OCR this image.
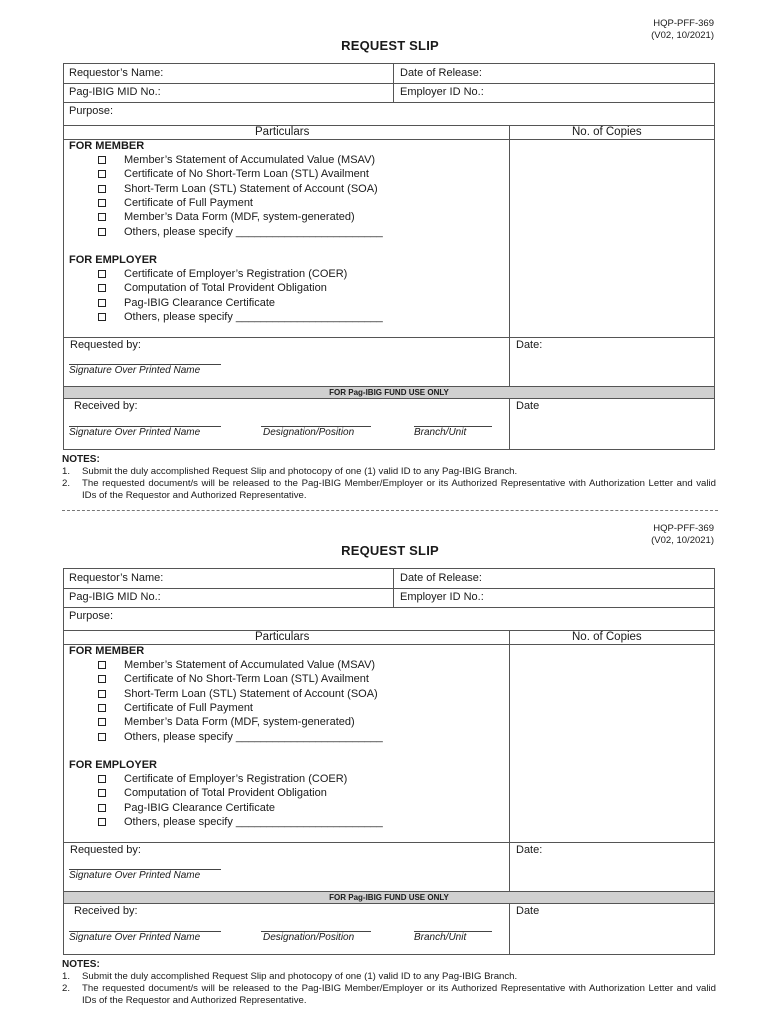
HQP-PFF-369
(V02, 10/2021)
REQUEST SLIP
Requestor’s Name:	Date of Release:
Pag-IBIG MID No.:	Employer ID No.:
Purpose:
Particulars	No. of Copies
FOR MEMBER
Member’s Statement of Accumulated Value (MSAV)
Certificate of No Short-Term Loan (STL) Availment
Short-Term Loan (STL) Statement of Account (SOA)
Certificate of Full Payment
Member’s Data Form (MDF, system-generated)
Others, please specify ________________________
FOR EMPLOYER
Certificate of Employer’s Registration (COER)
Computation of Total Provident Obligation
Pag-IBIG Clearance Certificate
Others, please specify ________________________
Requested by:
Signature Over Printed Name
Date:
FOR Pag-IBIG FUND USE ONLY
Received by:
Signature Over Printed Name	Designation/Position	Branch/Unit
Date
NOTES:
1.	Submit the duly accomplished Request Slip and photocopy of one (1) valid ID to any Pag-IBIG Branch.
2.	The requested document/s will be released to the Pag-IBIG Member/Employer or its Authorized Representative with Authorization Letter and valid IDs of the Requestor and Authorized Representative.
HQP-PFF-369
(V02, 10/2021)
REQUEST SLIP
Requestor’s Name:	Date of Release:
Pag-IBIG MID No.:	Employer ID No.:
Purpose:
Particulars	No. of Copies
FOR MEMBER
Member’s Statement of Accumulated Value (MSAV)
Certificate of No Short-Term Loan (STL) Availment
Short-Term Loan (STL) Statement of Account (SOA)
Certificate of Full Payment
Member’s Data Form (MDF, system-generated)
Others, please specify ________________________
FOR EMPLOYER
Certificate of Employer’s Registration (COER)
Computation of Total Provident Obligation
Pag-IBIG Clearance Certificate
Others, please specify ________________________
Requested by:
Signature Over Printed Name
Date:
FOR Pag-IBIG FUND USE ONLY
Received by:
Signature Over Printed Name	Designation/Position	Branch/Unit
Date
NOTES:
1.	Submit the duly accomplished Request Slip and photocopy of one (1) valid ID to any Pag-IBIG Branch.
2.	The requested document/s will be released to the Pag-IBIG Member/Employer or its Authorized Representative with Authorization Letter and valid IDs of the Requestor and Authorized Representative.
